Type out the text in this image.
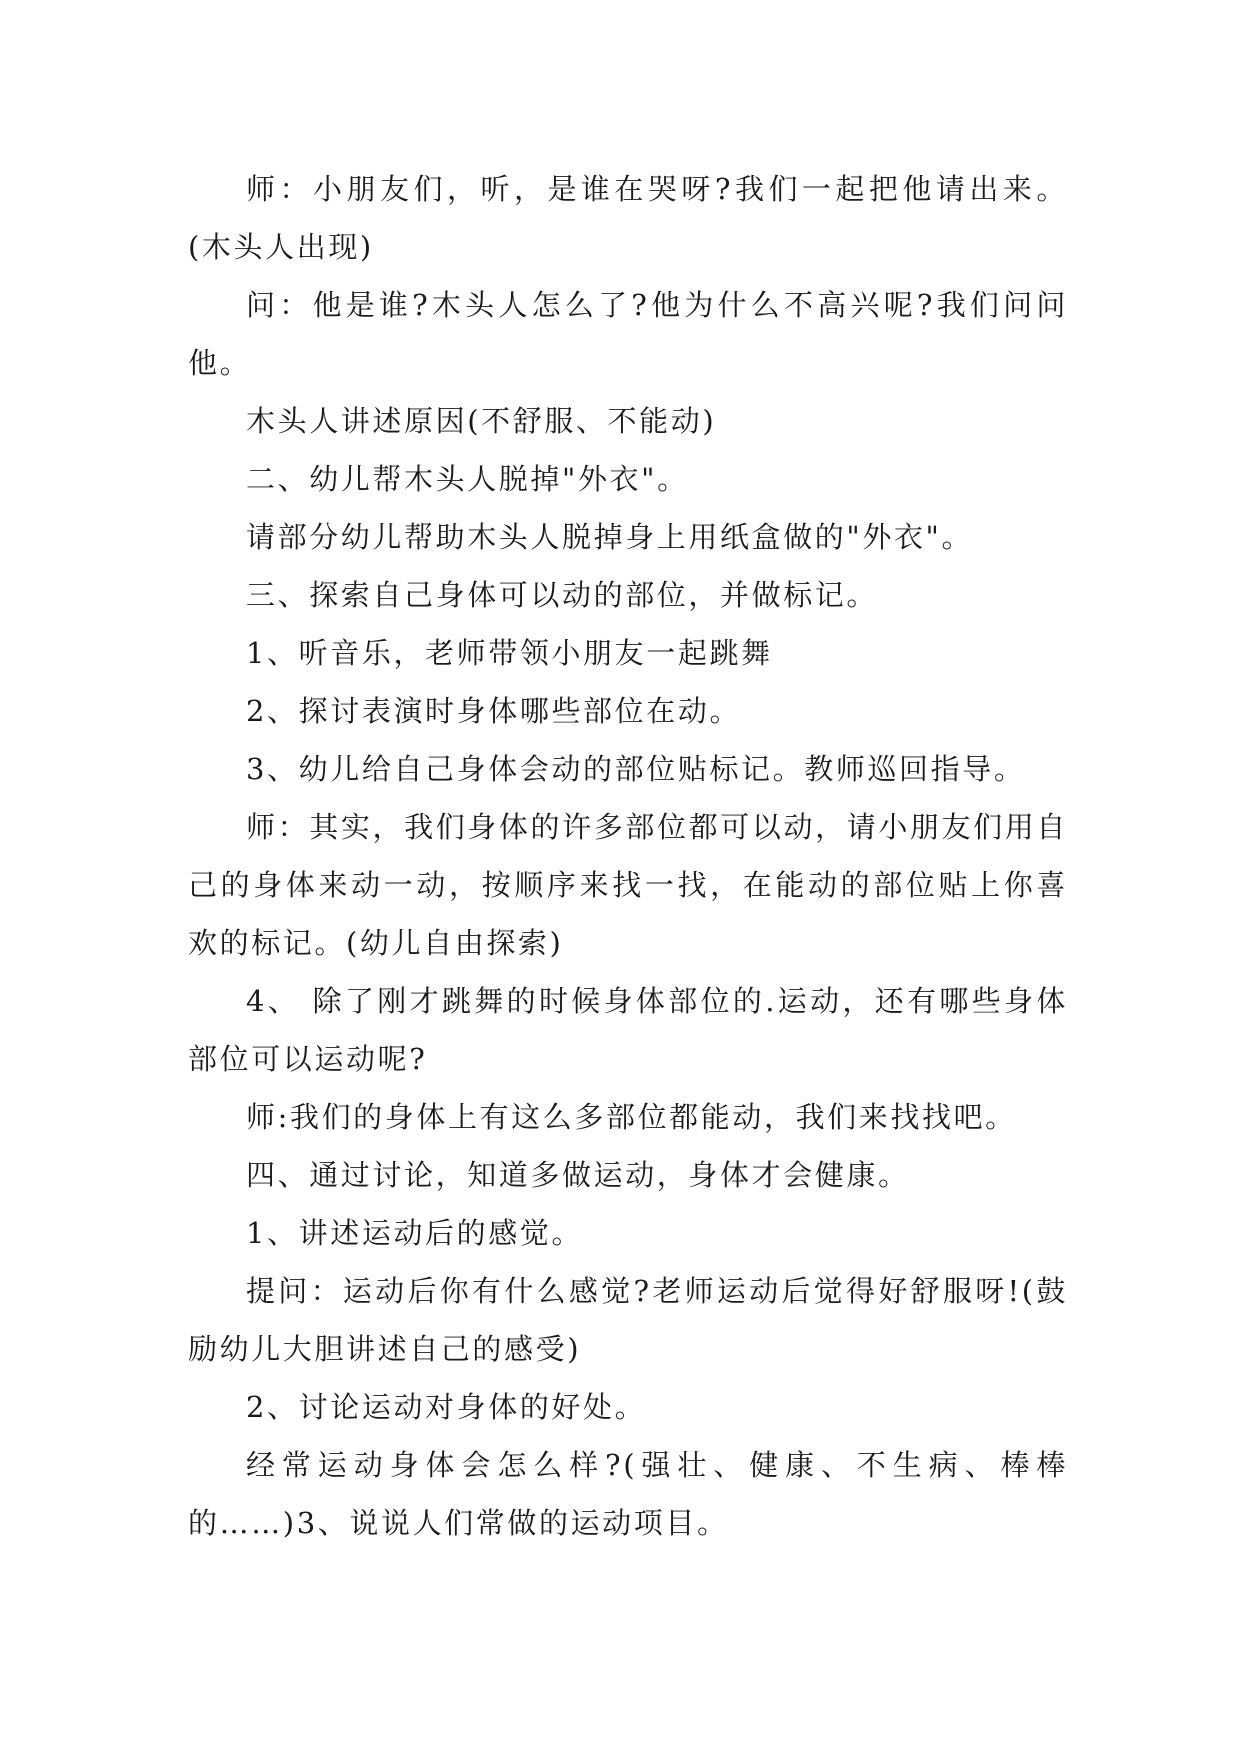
师：小朋友们，听，是谁在哭呀?我们一起把他请出来。(木头人出现)

问：他是谁?木头人怎么了?他为什么不高兴呢?我们问问他。

木头人讲述原因(不舒服、不能动)

二、幼儿帮木头人脱掉"外衣"。

请部分幼儿帮助木头人脱掉身上用纸盒做的"外衣"。

三、探索自己身体可以动的部位，并做标记。

1、听音乐，老师带领小朋友一起跳舞

2、探讨表演时身体哪些部位在动。

3、幼儿给自己身体会动的部位贴标记。教师巡回指导。

师：其实，我们身体的许多部位都可以动，请小朋友们用自己的身体来动一动，按顺序来找一找，在能动的部位贴上你喜欢的标记。(幼儿自由探索)

4、 除了刚才跳舞的时候身体部位的.运动，还有哪些身体部位可以运动呢?

师:我们的身体上有这么多部位都能动，我们来找找吧。

四、通过讨论，知道多做运动，身体才会健康。

1、讲述运动后的感觉。

提问：运动后你有什么感觉?老师运动后觉得好舒服呀!(鼓励幼儿大胆讲述自己的感受)

2、讨论运动对身体的好处。

经常运动身体会怎么样?(强壮、健康、不生病、棒棒的……)3、说说人们常做的运动项目。
